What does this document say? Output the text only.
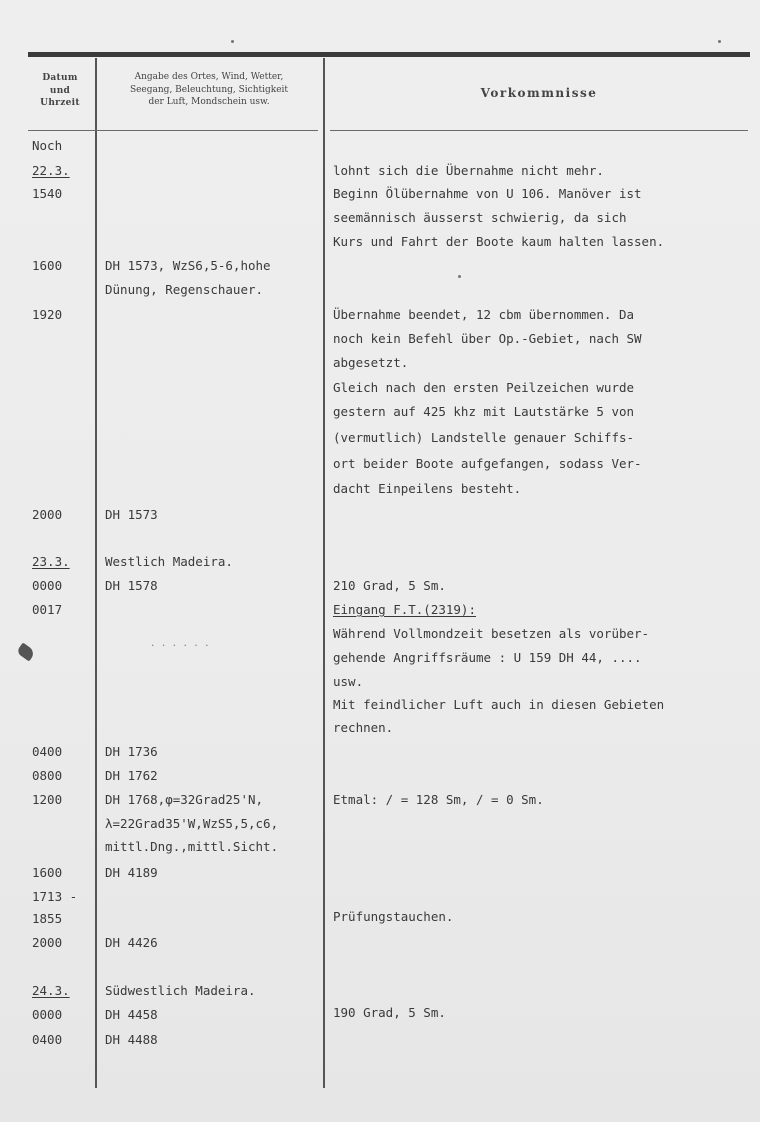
Datum
und
Uhrzeit
Angabe des Ortes, Wind, Wetter,
Seegang, Beleuchtung, Sichtigkeit
der Luft, Mondschein usw.
Vorkommnisse
Noch
22.3.
1540
1600
1920
2000
23.3.
0000
0017
0400
0800
1200
1600
1713 -
1855
2000
24.3.
0000
0400
DH 1573, WzS6,5-6,hohe
Dünung, Regenschauer.
DH 1573
Westlich Madeira.
DH 1578
. . . . . .
DH 1736
DH 1762
DH 1768,φ=32Grad25'N,
λ=22Grad35'W,WzS5,5,c6,
mittl.Dng.,mittl.Sicht.
DH 4189
DH 4426
Südwestlich Madeira.
DH 4458
DH 4488
lohnt sich die Übernahme nicht mehr.
Beginn Ölübernahme von U 106. Manöver ist
seemännisch äusserst schwierig, da sich
Kurs und Fahrt der Boote kaum halten lassen.
Übernahme beendet, 12 cbm übernommen. Da
noch kein Befehl über Op.-Gebiet, nach SW
abgesetzt.
Gleich nach den ersten Peilzeichen wurde
gestern auf 425 khz mit Lautstärke 5 von
(vermutlich) Landstelle genauer Schiffs-
ort beider Boote aufgefangen, sodass Ver-
dacht Einpeilens besteht.
210 Grad, 5 Sm.
Eingang F.T.(2319):
Während Vollmondzeit besetzen als vorüber-
gehende Angriffsräume : U 159 DH 44, ....
usw.
Mit feindlicher Luft auch in diesen Gebieten
rechnen.
Etmal: ∕ = 128 Sm, ∕ = 0 Sm.
Prüfungstauchen.
190 Grad, 5 Sm.
